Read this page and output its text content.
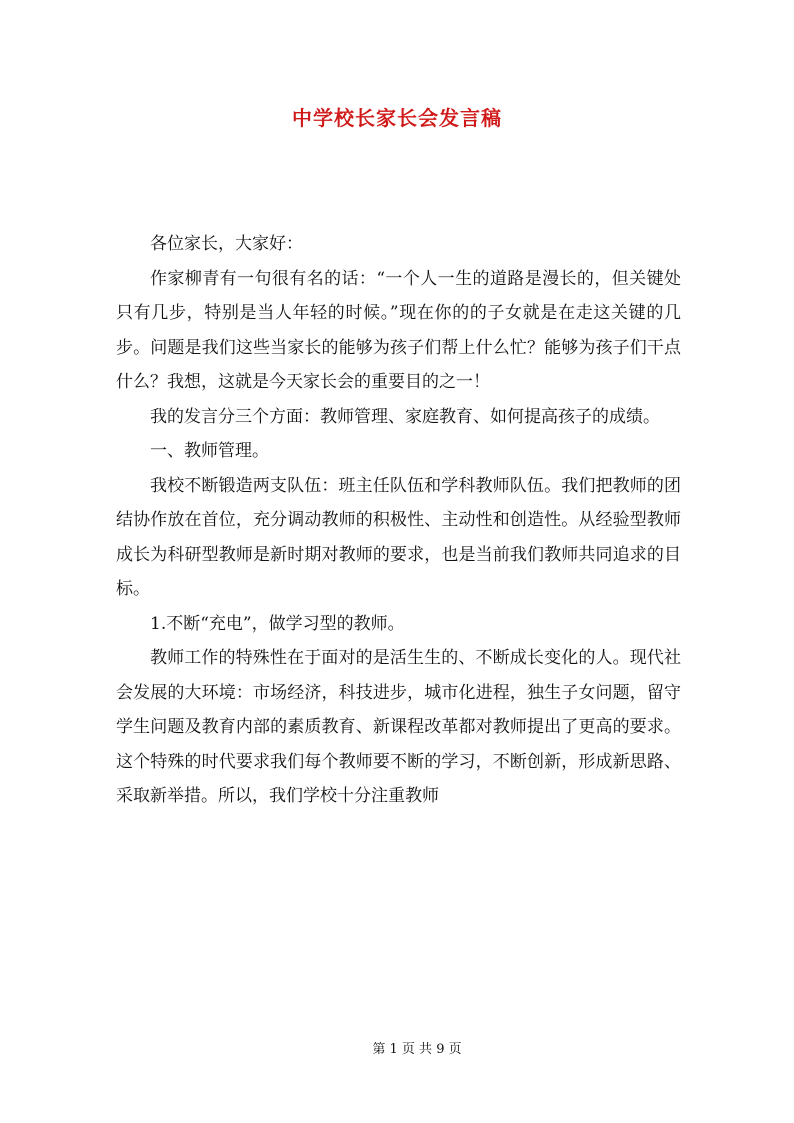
中学校长家长会发言稿

各位家长，大家好：

作家柳青有一句很有名的话：“一个人一生的道路是漫长的，但关键处只有几步，特别是当人年轻的时候。”现在你的的子女就是在走这关键的几步。问题是我们这些当家长的能够为孩子们帮上什么忙？能够为孩子们干点什么？我想，这就是今天家长会的重要目的之一！

我的发言分三个方面：教师管理、家庭教育、如何提高孩子的成绩。

一、教师管理。

我校不断锻造两支队伍：班主任队伍和学科教师队伍。我们把教师的团结协作放在首位，充分调动教师的积极性、主动性和创造性。从经验型教师成长为科研型教师是新时期对教师的要求，也是当前我们教师共同追求的目标。

1.不断“充电”，做学习型的教师。

教师工作的特殊性在于面对的是活生生的、不断成长变化的人。现代社会发展的大环境：市场经济，科技进步，城市化进程，独生子女问题，留守学生问题及教育内部的素质教育、新课程改革都对教师提出了更高的要求。这个特殊的时代要求我们每个教师要不断的学习，不断创新，形成新思路、采取新举措。所以，我们学校十分注重教师

第 1 页 共 9 页
